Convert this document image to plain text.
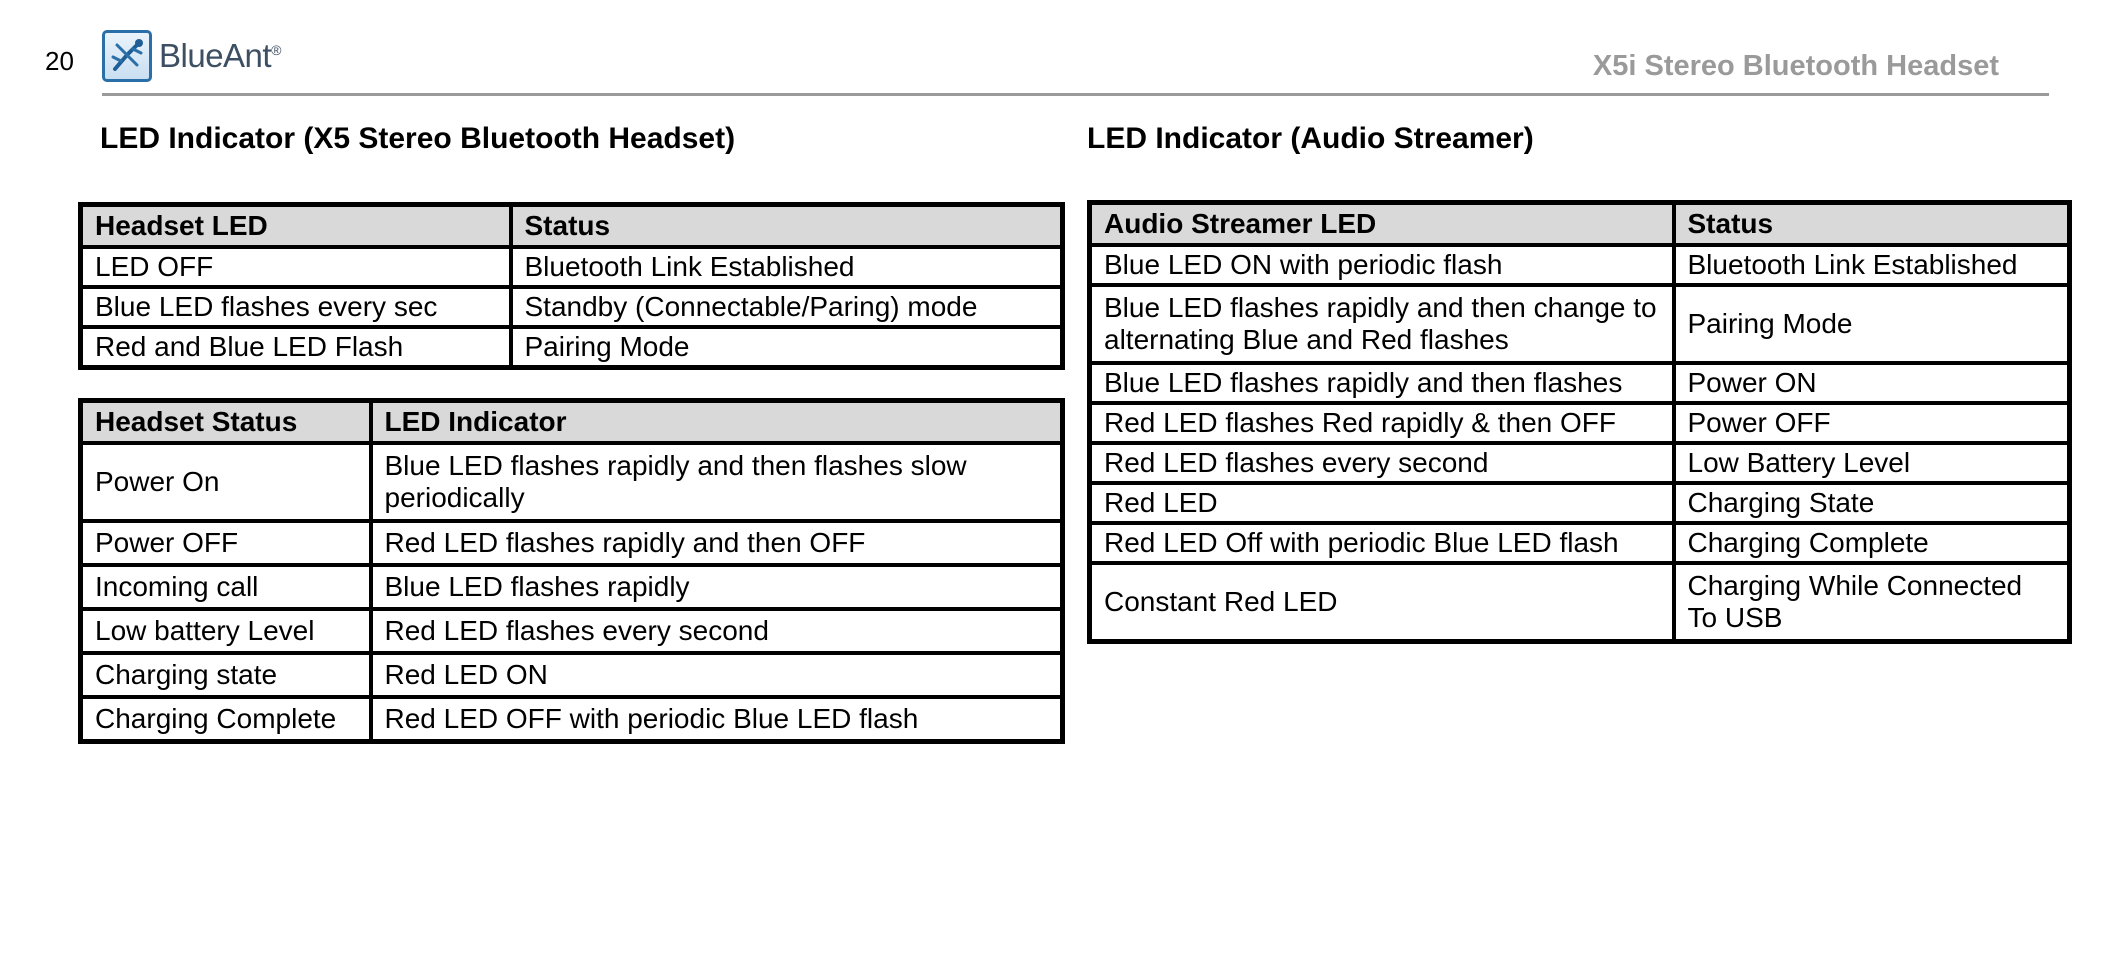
20	BlueAnt®	X5i Stereo Bluetooth Headset
LED Indicator (X5 Stereo Bluetooth Headset)	LED Indicator (Audio Streamer)
Headset LED	Status
LED OFF	Bluetooth Link Established
Blue LED flashes every sec	Standby (Connectable/Paring) mode
Red and Blue LED Flash	Pairing Mode
Headset Status	LED Indicator
Power On	Blue LED flashes rapidly and then flashes slow periodically
Power OFF	Red LED flashes rapidly and then OFF
Incoming call	Blue LED flashes rapidly
Low battery Level	Red LED flashes every second
Charging state	Red LED ON
Charging Complete	Red LED OFF with periodic Blue LED flash
Audio Streamer LED	Status
Blue LED ON with periodic flash	Bluetooth Link Established
Blue LED flashes rapidly and then change to alternating Blue and Red flashes	Pairing Mode
Blue LED flashes rapidly and then flashes	Power ON
Red LED flashes Red rapidly & then OFF	Power OFF
Red LED flashes every second	Low Battery Level
Red LED	Charging State
Red LED Off with periodic Blue LED flash	Charging Complete
Constant Red LED	Charging While Connected To USB
